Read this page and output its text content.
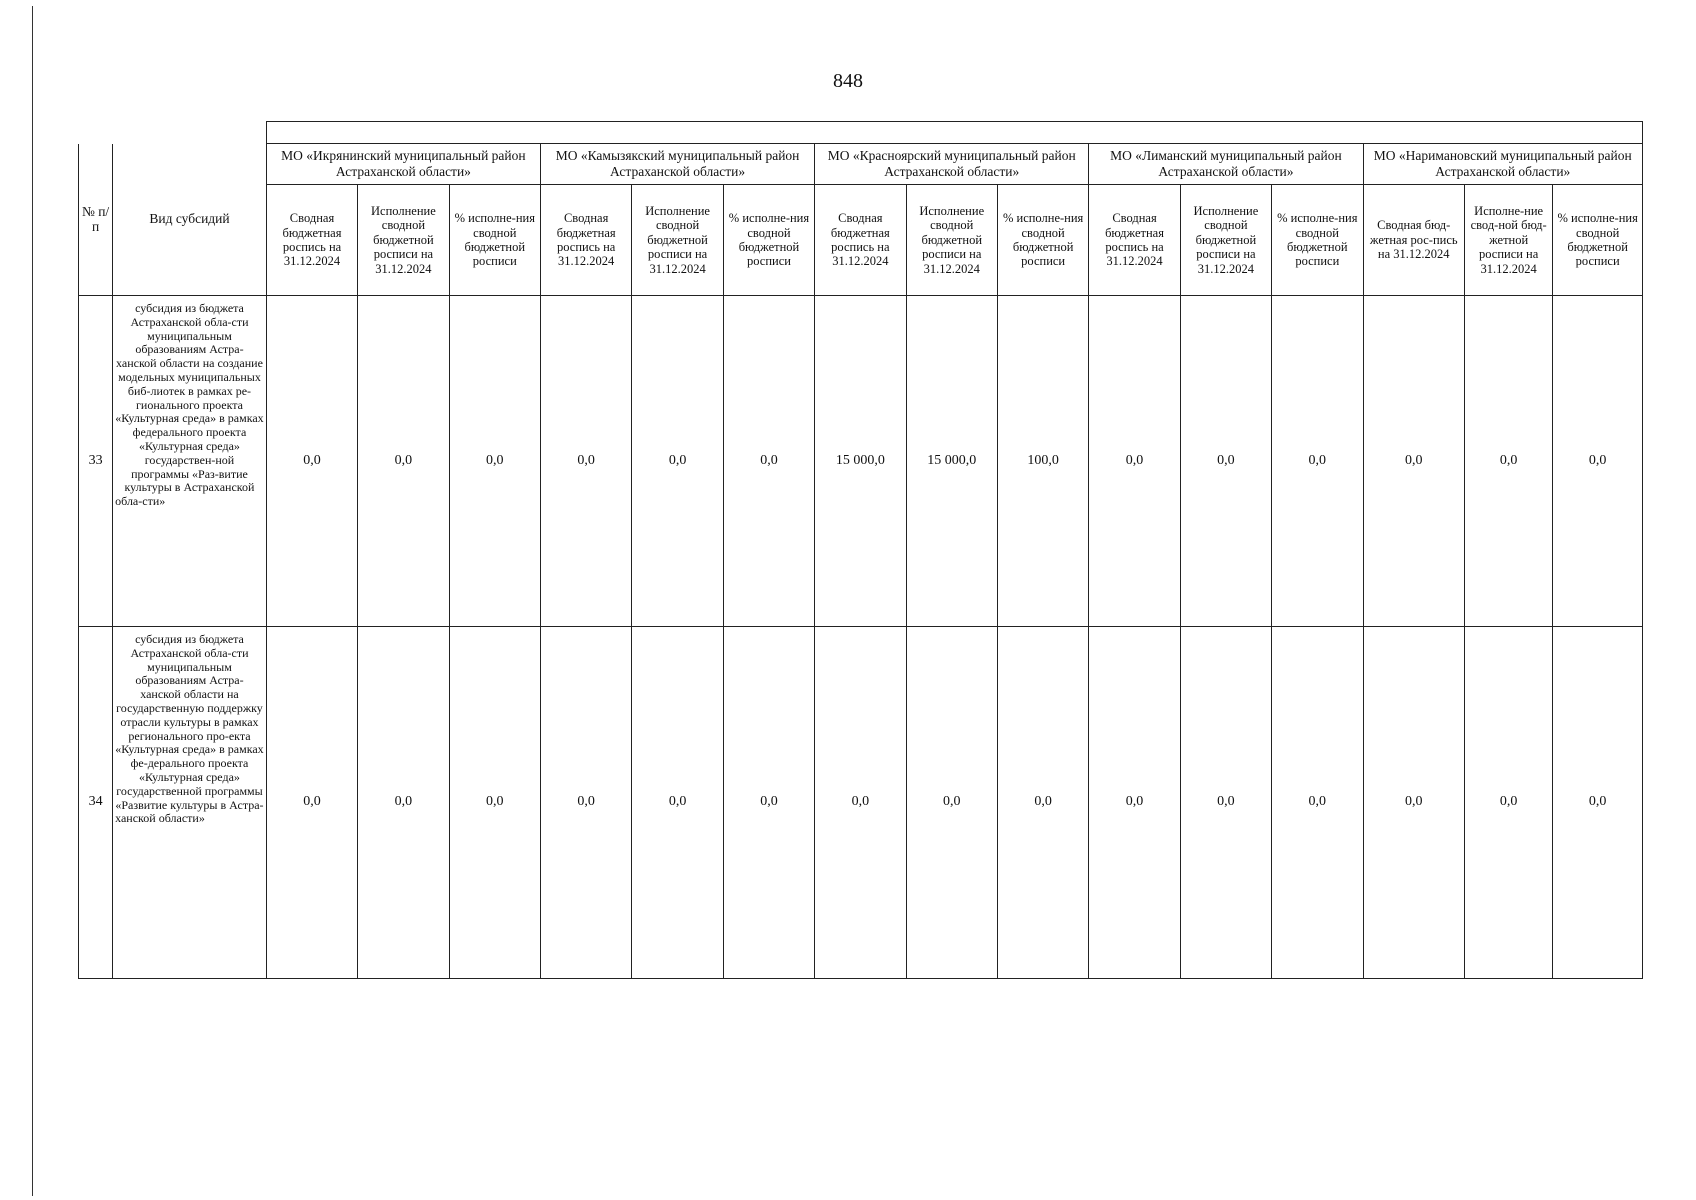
848

№ п/п	Вид субсидий	МО «Икрянинский муниципальный район Астраханской области»			МО «Камызякский муниципальный район Астраханской области»			МО «Красноярский муниципальный район Астраханской области»			МО «Лиманский муниципальный район Астраханской области»			МО «Наримановский муниципальный район Астраханской области»		
		Сводная бюджетная роспись на 31.12.2024	Исполнение сводной бюджетной росписи на 31.12.2024	% исполне-ния сводной бюджетной росписи	Сводная бюджетная роспись на 31.12.2024	Исполнение сводной бюджетной росписи на 31.12.2024	% исполне-ния сводной бюджетной росписи	Сводная бюджетная роспись на 31.12.2024	Исполнение сводной бюджетной росписи на 31.12.2024	% исполне-ния сводной бюджетной росписи	Сводная бюджетная роспись на 31.12.2024	Исполнение сводной бюджетной росписи на 31.12.2024	% исполне-ния сводной бюджетной росписи	Сводная бюд-жетная рос-пись на 31.12.2024	Исполне-ние свод-ной бюд-жетной росписи на 31.12.2024	% исполне-ния сводной бюджетной росписи
33	субсидия из бюджета Астраханской обла-сти муниципальным образованиям Астра-ханской области на создание модельных муниципальных биб-лиотек в рамках ре-гионального проекта «Культурная среда» в рамках федерального проекта «Культурная среда» государствен-ной программы «Раз-витие культуры в Астраханской обла-сти»	0,0	0,0	0,0	0,0	0,0	0,0	15 000,0	15 000,0	100,0	0,0	0,0	0,0	0,0	0,0	0,0
34	субсидия из бюджета Астраханской обла-сти муниципальным образованиям Астра-ханской области на государственную поддержку отрасли культуры в рамках регионального про-екта «Культурная среда» в рамках фе-дерального проекта «Культурная среда» государственной программы «Развитие культуры в Астра-ханской области»	0,0	0,0	0,0	0,0	0,0	0,0	0,0	0,0	0,0	0,0	0,0	0,0	0,0	0,0	0,0
